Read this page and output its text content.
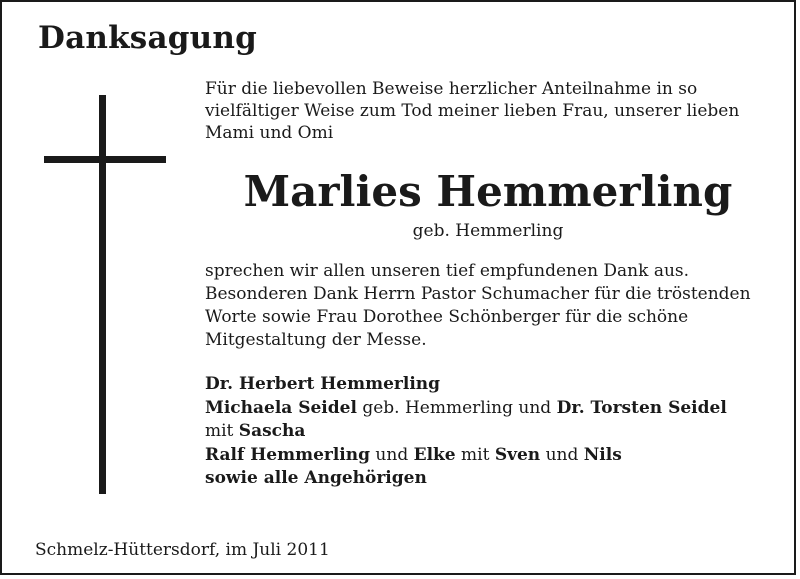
Danksagung

Für die liebevollen Beweise herzlicher Anteilnahme in so vielfältiger Weise zum Tod meiner lieben Frau, unserer lieben Mami und Omi

Marlies Hemmerling
geb. Hemmerling

sprechen wir allen unseren tief empfundenen Dank aus. Besonderen Dank Herrn Pastor Schumacher für die tröstenden Worte sowie Frau Dorothee Schönberger für die schöne Mitgestaltung der Messe.

Dr. Herbert Hemmerling
Michaela Seidel geb. Hemmerling und Dr. Torsten Seidel
mit Sascha
Ralf Hemmerling und Elke mit Sven und Nils
sowie alle Angehörigen
Schmelz-Hüttersdorf, im Juli 2011
